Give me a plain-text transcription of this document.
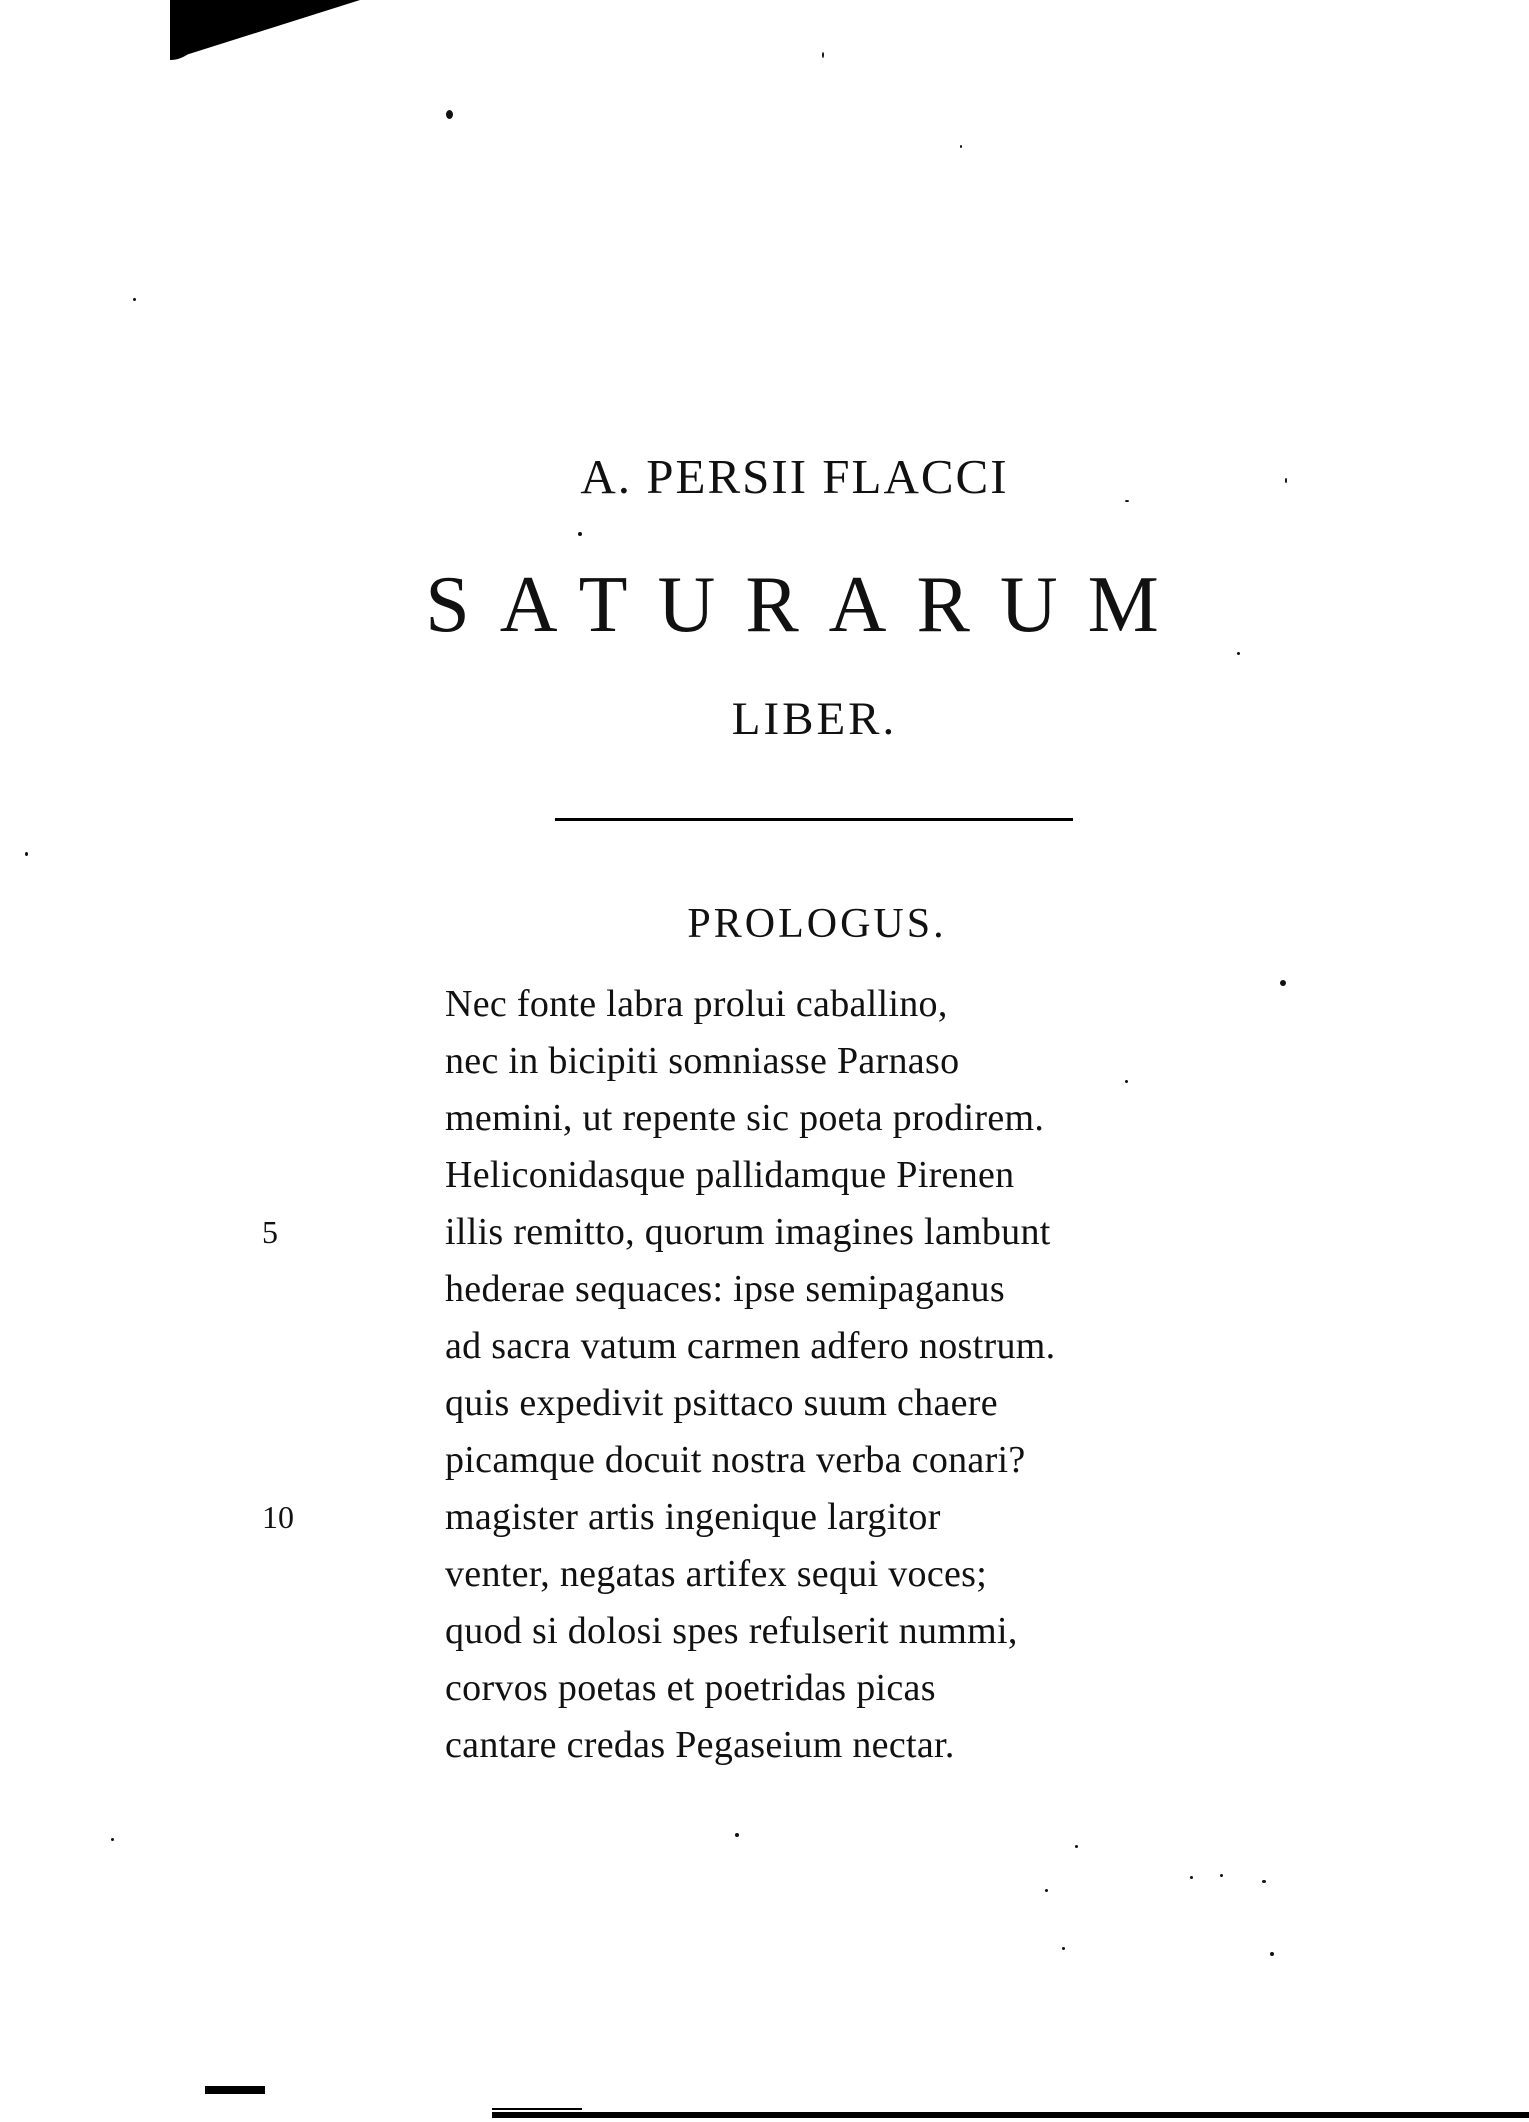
A. PERSII FLACCI
SATURARUM
LIBER.
PROLOGUS.
Nec fonte labra prolui caballino,
nec in bicipiti somniasse Parnaso
memini, ut repente sic poeta prodirem.
Heliconidasque pallidamque Pirenen
illis remitto, quorum imagines lambunt
hederae sequaces: ipse semipaganus
ad sacra vatum carmen adfero nostrum.
quis expedivit psittaco suum chaere
picamque docuit nostra verba conari?
magister artis ingenique largitor
venter, negatas artifex sequi voces;
quod si dolosi spes refulserit nummi,
corvos poetas et poetridas picas
cantare credas Pegaseium nectar.
5
10
